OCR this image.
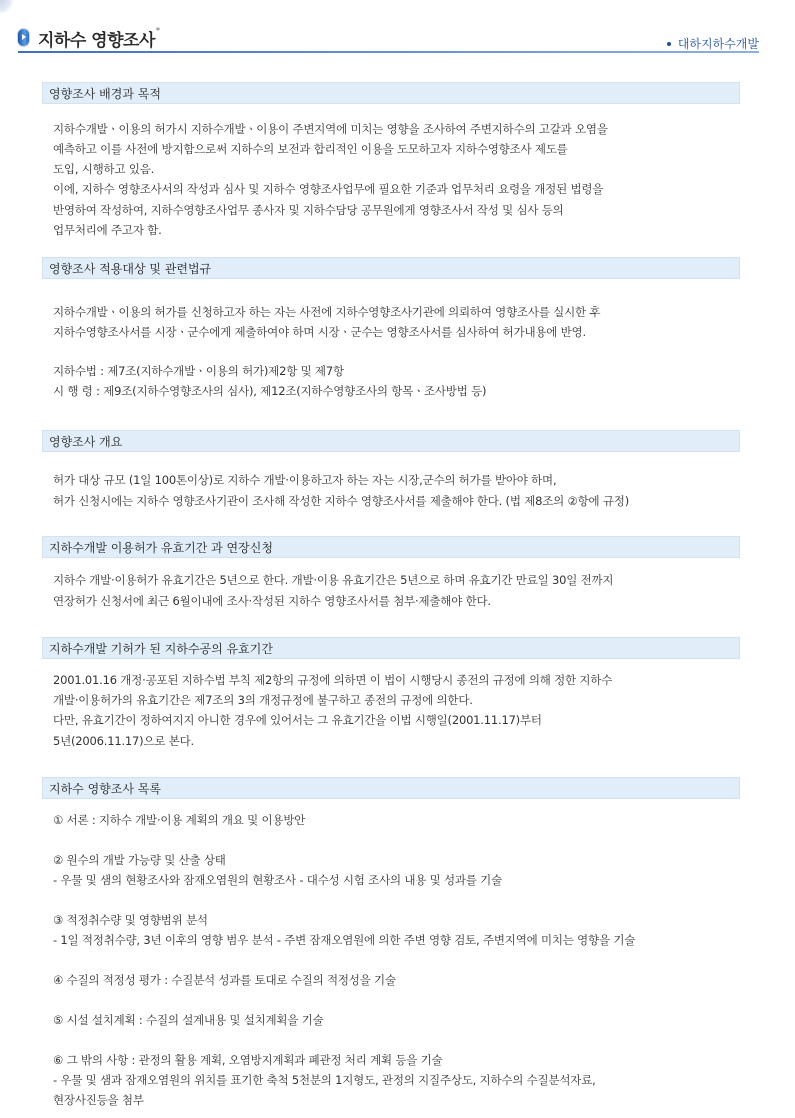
지하수 영향조사*
대하지하수개발
영향조사 배경과 목적
지하수개발ㆍ이용의 허가시 지하수개발ㆍ이용이 주변지역에 미치는 영향을 조사하여 주변지하수의 고갈과 오염을
예측하고 이를 사전에 방지함으로써 지하수의 보전과 합리적인 이용을 도모하고자 지하수영향조사 제도를
도입, 시행하고 있음.
이에, 지하수 영향조사서의 작성과 심사 및 지하수 영향조사업무에 필요한 기준과 업무처리 요령을 개정된 법령을
반영하여 작성하여, 지하수영향조사업무 종사자 및 지하수담당 공무원에게 영향조사서 작성 및 심사 등의
업무처리에 주고자 함.
영향조사 적용대상 및 관련법규
지하수개발ㆍ이용의 허가를 신청하고자 하는 자는 사전에 지하수영향조사기관에 의뢰하여 영향조사를 실시한 후
지하수영향조사서를 시장ㆍ군수에게 제출하여야 하며 시장ㆍ군수는 영향조사서를 심사하여 허가내용에 반영.
지하수법 : 제7조(지하수개발ㆍ이용의 허가)제2항 및 제7항
시 행 령 : 제9조(지하수영향조사의 심사), 제12조(지하수영향조사의 항목ㆍ조사방법 등)
영향조사 개요
허가 대상 규모 (1일 100톤이상)로 지하수 개발·이용하고자 하는 자는 시장,군수의 허가를 받아야 하며,
허가 신청시에는 지하수 영향조사기관이 조사해 작성한 지하수 영향조사서를 제출해야 한다. (법 제8조의 ②항에 규정)
지하수개발 이용허가 유효기간 과 연장신청
지하수 개발·이용허가 유효기간은 5년으로 한다. 개발·이용 유효기간은 5년으로 하며 유효기간 만료일 30일 전까지
연장허가 신청서에 최근 6월이내에 조사·작성된 지하수 영향조사서를 첨부·제출해야 한다.
지하수개발 기허가 된 지하수공의 유효기간
2001.01.16 개정·공포된 지하수법 부칙 제2항의 규정에 의하면 이 법이 시행당시 종전의 규정에 의해 정한 지하수
개발·이용허가의 유효기간은 제7조의 3의 개정규정에 불구하고 종전의 규정에 의한다.
다만, 유효기간이 정하여지지 아니한 경우에 있어서는 그 유효기간을 이법 시행일(2001.11.17)부터
5년(2006.11.17)으로 본다.
지하수 영향조사 목록
① 서론 : 지하수 개발·이용 계획의 개요 및 이용방안
② 원수의 개발 가능량 및 산출 상태
- 우물 및 샘의 현황조사와 잠재오염원의 현황조사 - 대수성 시험 조사의 내용 및 성과를 기술
③ 적정취수량 및 영향범위 분석
- 1일 적정취수량, 3년 이후의 영향 범우 분석 - 주변 잠재오염원에 의한 주변 영향 검토, 주변지역에 미치는 영향을 기술
④ 수질의 적정성 평가 : 수질분석 성과를 토대로 수질의 적정성을 기술
⑤ 시설 설치계획 : 수질의 설계내용 및 설치계획을 기술
⑥ 그 밖의 사항 : 관정의 활용 계획, 오염방지계획과 폐관정 처리 계획 등을 기술
- 우물 및 샘과 잠재오염원의 위치를 표기한 축척 5천분의 1지형도, 관정의 지질주상도, 지하수의 수질분석자료,
현장사진등을 첨부
